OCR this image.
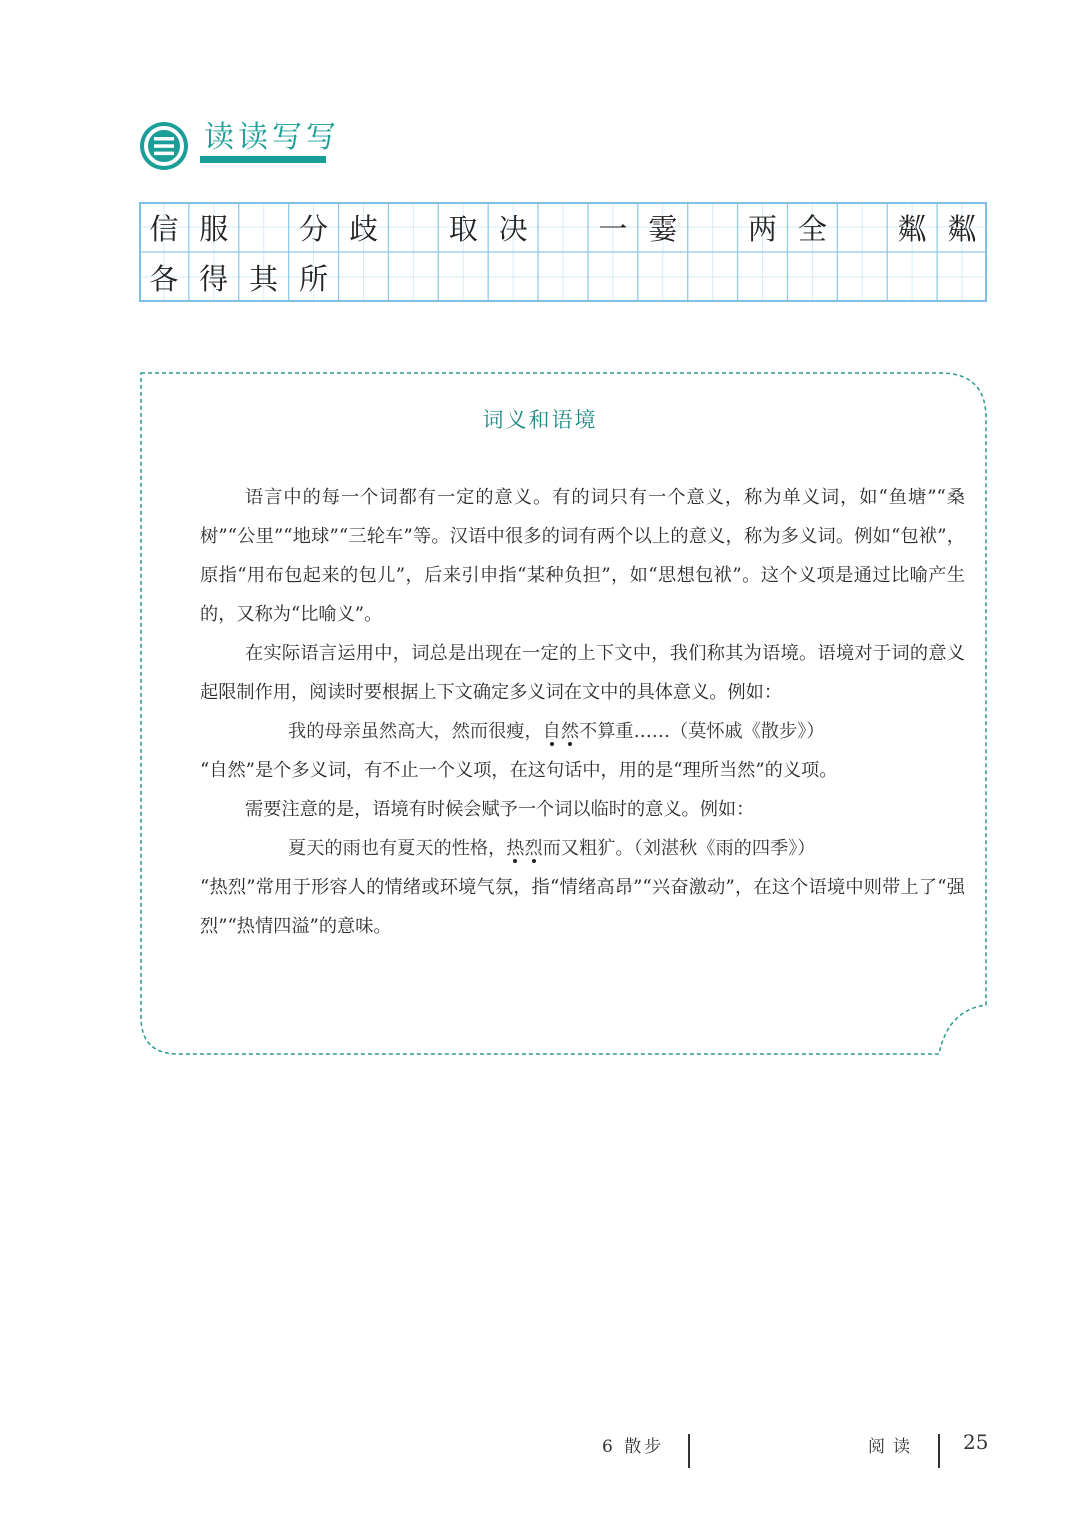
读读写写
信 服	分 歧	取 决	一 霎	两 全	粼 粼
各 得 其 所
词义和语境

语言中的每一个词都有一定的意义。有的词只有一个意义，称为单义词，如“鱼塘”“桑树”“公里”“地球”“三轮车”等。汉语中很多的词有两个以上的意义，称为多义词。例如“包袱”，原指“用布包起来的包儿”，后来引申指“某种负担”，如“思想包袱”。这个义项是通过比喻产生的，又称为“比喻义”。

在实际语言运用中，词总是出现在一定的上下文中，我们称其为语境。语境对于词的意义起限制作用，阅读时要根据上下文确定多义词在文中的具体意义。例如：

我的母亲虽然高大，然而很瘦，自然不算重……（莫怀戚《散步》）

“自然”是个多义词，有不止一个义项，在这句话中，用的是“理所当然”的义项。

需要注意的是，语境有时候会赋予一个词以临时的意义。例如：

夏天的雨也有夏天的性格，热烈而又粗犷。（刘湛秋《雨的四季》）

“热烈”常用于形容人的情绪或环境气氛，指“情绪高昂”“兴奋激动”，在这个语境中则带上了“强烈”“热情四溢”的意味。

6 散步	阅读 25
